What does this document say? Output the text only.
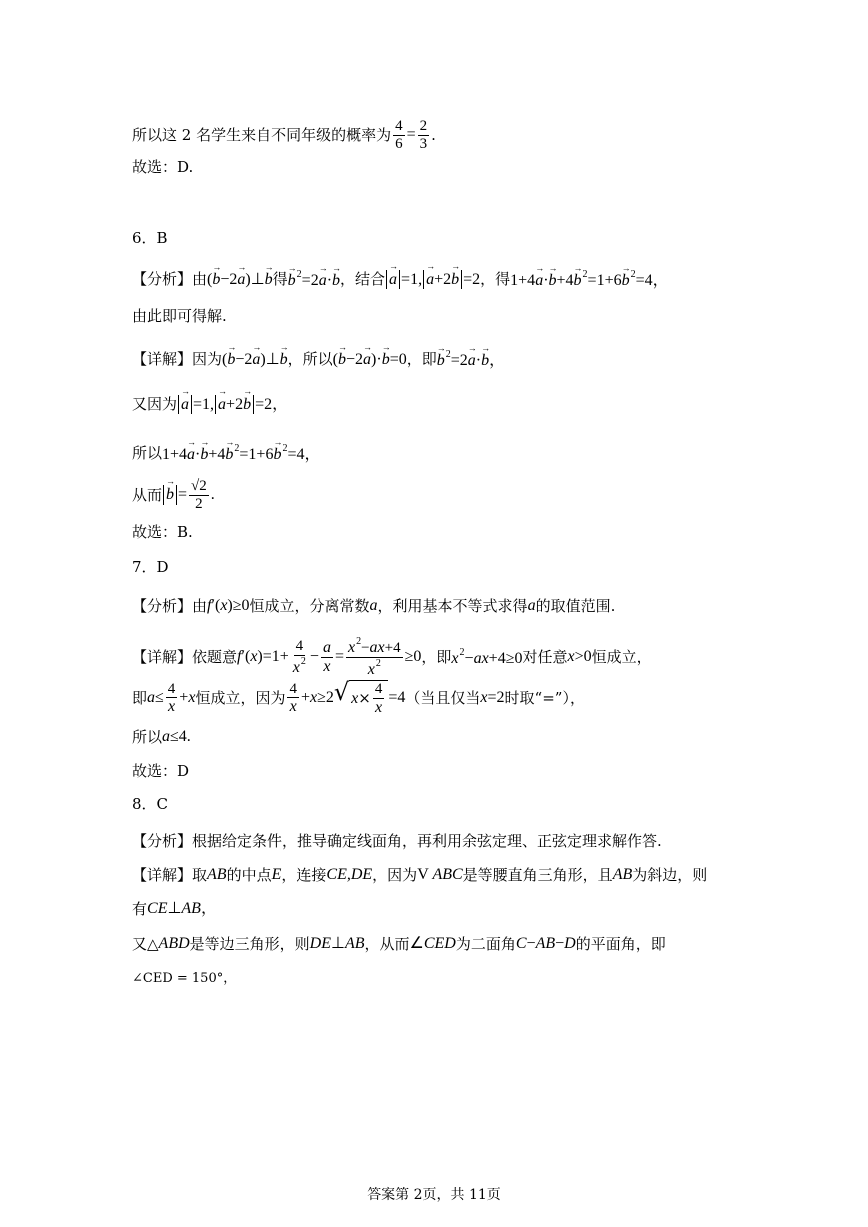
所以这 2 名学生来自不同年级的概率为 $\frac{4}{6} = \frac{2}{3}$ .
故选：D.
6．B
【分析】 由 (→ b−2→ a)⊥→ b 得 → $b^2=2\to a\cdot\to b$ ，结合 → a =1, → a+2→ b =2 ，得 $1+4\to a\cdot\to b+4\to b^2=1+6\to b^2=4$，
由此即可得解.
【详解】 因为 (→ b−2→ a)⊥→ b ，所以 (→ b−2→ a)·→ b=0 ，即 → $b^2=2\to a\cdot\to b$，
又因为 → a =1, → a+2→ b =2，
所以 $1+4\to a\cdot\to b+4\to b^2=1+6\to b^2=4$，
从而 → $b = \frac{√2}{2}$ .
故选：B.
7．D
【分析】 由 f′(x)≥0 恒成立，分离常数 a ，利用基本不等式求得 a 的取值范围.
【详解】 依题意 $f'(x)=1+ \frac{4}{x^2} - \frac{a}{x} = \frac{x^2-ax+4}{x^2} \ge 0$ ，即 $x^2-ax+4\ge 0$ 对任意 x>0 恒成立，
即 $a\le \frac{4}{x} +x$ 恒成立，因为 $\frac{4}{x} +x\ge 2$ √ $x \times \frac{4}{x} =4$ （当且仅当 x=2 时取“=”），
所以 a≤4.
故选：D
8．C
【分析】 根据给定条件，推导确定线面角，再利用余弦定理、正弦定理求解作答.
【详解】 取 AB 的中点 E ，连接 CE,DE ，因为 V ABC 是等腰直角三角形，且 AB 为斜边，则
有 CE⊥AB，
又△ ABD 是等边三角形，则 DE⊥AB ，从而 ∠CED 为二面角 C−AB−D 的平面角，即
∠CED = 150°，
答案第 2页，共 11页
